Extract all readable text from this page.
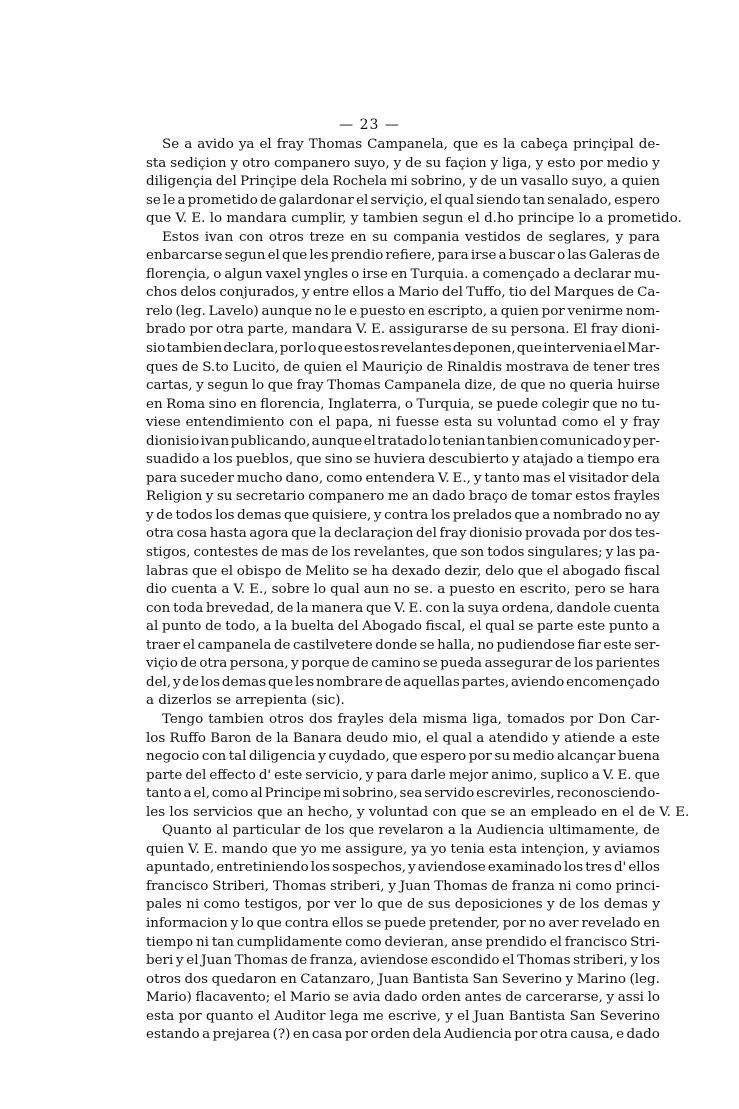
— 23 —
Se a avido ya el fray Thomas Campanela, que es la cabeça prinçipal de-
sta sediçion y otro companero suyo, y de su façion y liga, y esto por medio y
diligençia del Prinçipe dela Rochela mi sobrino, y de un vasallo suyo, a quien
se le a prometido de galardonar el serviçio, el qual siendo tan senalado, espero
que V. E. lo mandara cumplir, y tambien segun el d.ho principe lo a prometido.
Estos ivan con otros treze en su compania vestidos de seglares, y para
enbarcarse segun el que les prendio refiere, para irse a buscar o las Galeras de
florençia, o algun vaxel yngles o irse en Turquia. a començado a declarar mu-
chos delos conjurados, y entre ellos a Mario del Tuffo, tio del Marques de Ca-
relo (leg. Lavelo) aunque no le e puesto en escripto, a quien por venirme nom-
brado por otra parte, mandara V. E. assigurarse de su persona. El fray dioni-
sio tambien declara, por lo que estos revelantes deponen, que intervenia el Mar-
ques de S.to Lucito, de quien el Mauriçio de Rinaldis mostrava de tener tres
cartas, y segun lo que fray Thomas Campanela dize, de que no queria huirse
en Roma sino en florencia, Inglaterra, o Turquia, se puede colegir que no tu-
viese entendimiento con el papa, ni fuesse esta su voluntad como el y fray
dionisio ivan publicando, aunque el tratado lo tenian tanbien comunicado y per-
suadido a los pueblos, que sino se huviera descubierto y atajado a tiempo era
para suceder mucho dano, como entendera V. E., y tanto mas el visitador dela
Religion y su secretario companero me an dado braço de tomar estos frayles
y de todos los demas que quisiere, y contra los prelados que a nombrado no ay
otra cosa hasta agora que la declaraçion del fray dionisio provada por dos tes-
stigos, contestes de mas de los revelantes, que son todos singulares; y las pa-
labras que el obispo de Melito se ha dexado dezir, delo que el abogado fiscal
dio cuenta a V. E., sobre lo qual aun no se. a puesto en escrito, pero se hara
con toda brevedad, de la manera que V. E. con la suya ordena, dandole cuenta
al punto de todo, a la buelta del Abogado fiscal, el qual se parte este punto a
traer el campanela de castilvetere donde se halla, no pudiendose fiar este ser-
viçio de otra persona, y porque de camino se pueda assegurar de los parientes
del, y de los demas que les nombrare de aquellas partes, aviendo encomençado
a dizerlos se arrepienta (sic).
Tengo tambien otros dos frayles dela misma liga, tomados por Don Car-
los Ruffo Baron de la Banara deudo mio, el qual a atendido y atiende a este
negocio con tal diligencia y cuydado, que espero por su medio alcançar buena
parte del effecto d' este servicio, y para darle mejor animo, suplico a V. E. que
tanto a el, como al Principe mi sobrino, sea servido escrevirles, reconosciendo-
les los servicios que an hecho, y voluntad con que se an empleado en el de V. E.
Quanto al particular de los que revelaron a la Audiencia ultimamente, de
quien V. E. mando que yo me assigure, ya yo tenia esta intençion, y aviamos
apuntado, entretiniendo los sospechos, y aviendose examinado los tres d' ellos
francisco Striberi, Thomas striberi, y Juan Thomas de franza ni como princi-
pales ni como testigos, por ver lo que de sus deposiciones y de los demas y
informacion y lo que contra ellos se puede pretender, por no aver revelado en
tiempo ni tan cumplidamente como devieran, anse prendido el francisco Stri-
beri y el Juan Thomas de franza, aviendose escondido el Thomas striberi, y los
otros dos quedaron en Catanzaro, Juan Bantista San Severino y Marino (leg.
Mario) flacavento; el Mario se avia dado orden antes de carcerarse, y assi lo
esta por quanto el Auditor lega me escrive, y el Juan Bantista San Severino
estando a prejarea (?) en casa por orden dela Audiencia por otra causa, e dado
